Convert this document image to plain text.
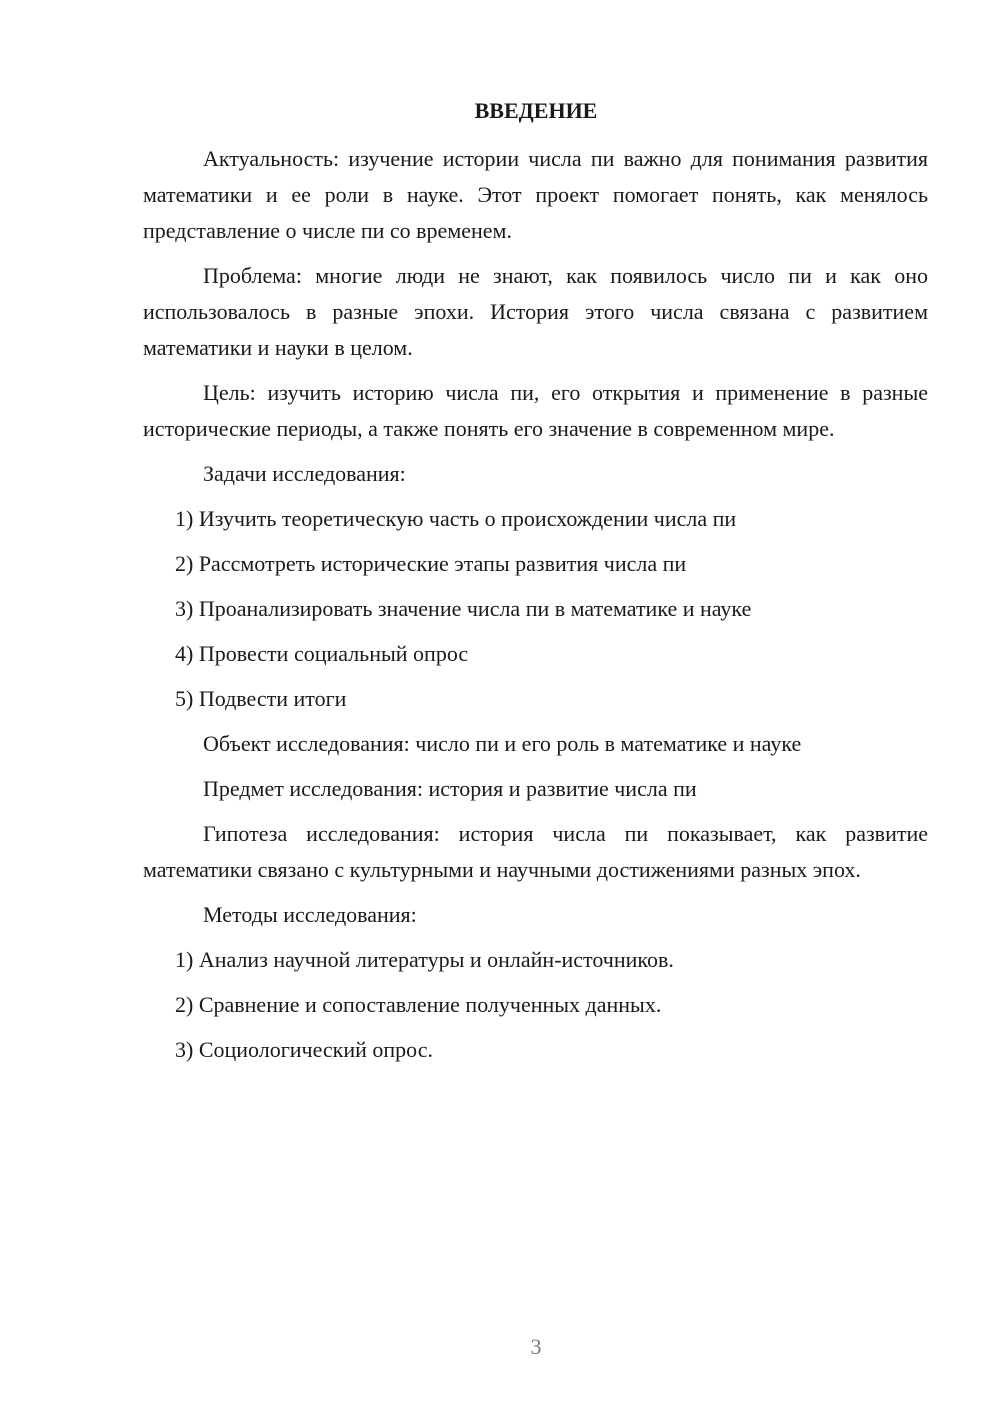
ВВЕДЕНИЕ

Актуальность: изучение истории числа пи важно для понимания развития математики и ее роли в науке. Этот проект помогает понять, как менялось представление о числе пи со временем.

Проблема: многие люди не знают, как появилось число пи и как оно использовалось в разные эпохи. История этого числа связана с развитием математики и науки в целом.

Цель: изучить историю числа пи, его открытия и применение в разные исторические периоды, а также понять его значение в современном мире.

Задачи исследования:

1) Изучить теоретическую часть о происхождении числа пи

2) Рассмотреть исторические этапы развития числа пи

3) Проанализировать значение числа пи в математике и науке

4) Провести социальный опрос

5) Подвести итоги

Объект исследования: число пи и его роль в математике и науке

Предмет исследования: история и развитие числа пи

Гипотеза исследования: история числа пи показывает, как развитие математики связано с культурными и научными достижениями разных эпох.

Методы исследования:

1) Анализ научной литературы и онлайн-источников.

2) Сравнение и сопоставление полученных данных.

3) Социологический опрос.

3
